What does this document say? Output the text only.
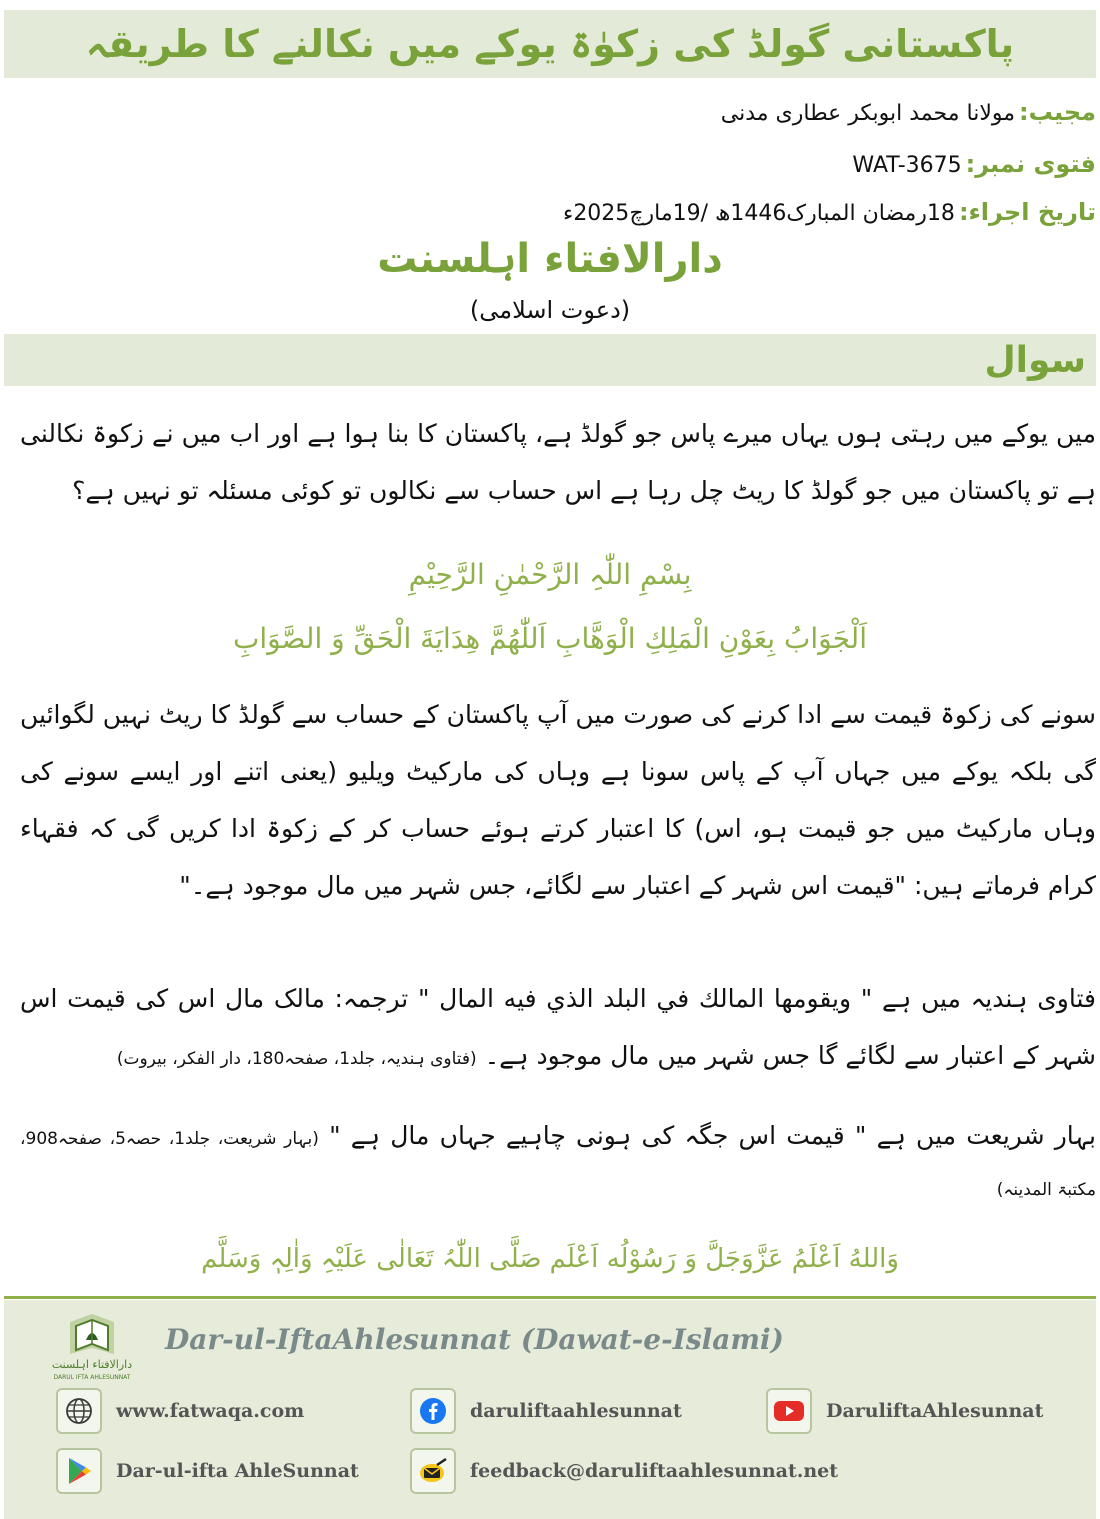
پاکستانی گولڈ کی زکوٰۃ یوکے میں نکالنے کا طریقہ
مجیب:
مولانا محمد ابوبکر عطاری مدنی
فتوی نمبر:
WAT-3675
تاریخ اجراء:
18رمضان المبارک1446ھ /19مارچ2025ء
دارالافتاء اہلسنت
(دعوت اسلامی)
سوال
میں یوکے میں رہتی ہوں یہاں میرے پاس جو گولڈ ہے، پاکستان کا بنا ہوا ہے اور اب میں نے زکوۃ نکالنی ہے تو پاکستان میں جو گولڈ کا ریٹ چل رہا ہے اس حساب سے نکالوں تو کوئی مسئلہ تو نہیں ہے؟
بِسْمِ اللّٰہِ الرَّحْمٰنِ الرَّحِیْمِ
اَلْجَوَابُ بِعَوْنِ الْمَلِكِ الْوَهَّابِ اَللّٰهُمَّ هِدَايَةَ الْحَقِّ وَ الصَّوَابِ
سونے کی زکوۃ قیمت سے ادا کرنے کی صورت میں آپ پاکستان کے حساب سے گولڈ کا ریٹ نہیں لگوائیں گی بلکہ یوکے میں جہاں آپ کے پاس سونا ہے وہاں کی مارکیٹ ویلیو (یعنی اتنے اور ایسے سونے کی وہاں مارکیٹ میں جو قیمت ہو، اس) کا اعتبار کرتے ہوئے حساب کر کے زکوۃ ادا کریں گی کہ فقہاء کرام فرماتے ہیں: "قیمت اس شہر کے اعتبار سے لگائے، جس شہر میں مال موجود ہے۔"
فتاوی ہندیہ میں ہے " ویقومها المالك في البلد الذي فيه المال " ترجمہ: مالک مال اس کی قیمت اس شہر کے اعتبار سے لگائے گا جس شہر میں مال موجود ہے۔ (فتاوی ہندیہ، جلد1، صفحہ180، دار الفکر، بیروت)
بہار شریعت میں ہے " قیمت اس جگہ کی ہونی چاہیے جہاں مال ہے " (بہار شریعت، جلد1، حصہ5، صفحہ908، مکتبۃ المدینہ)
وَاللهُ اَعْلَمُ عَزَّوَجَلَّ وَ رَسُوْلُه اَعْلَم صَلَّی اللّٰہُ تَعَالٰی عَلَیْہِ وَاٰلِہٖ وَسَلَّم
دارالافتاء اہلسنت
DARUL IFTA AHLESUNNAT
Dar-ul-IftaAhlesunnat (Dawat-e-Islami)
www.fatwaqa.com	daruliftaahlesunnat	DaruliftaAhlesunnat
Dar-ul-ifta AhleSunnat	feedback@daruliftaahlesunnat.net
